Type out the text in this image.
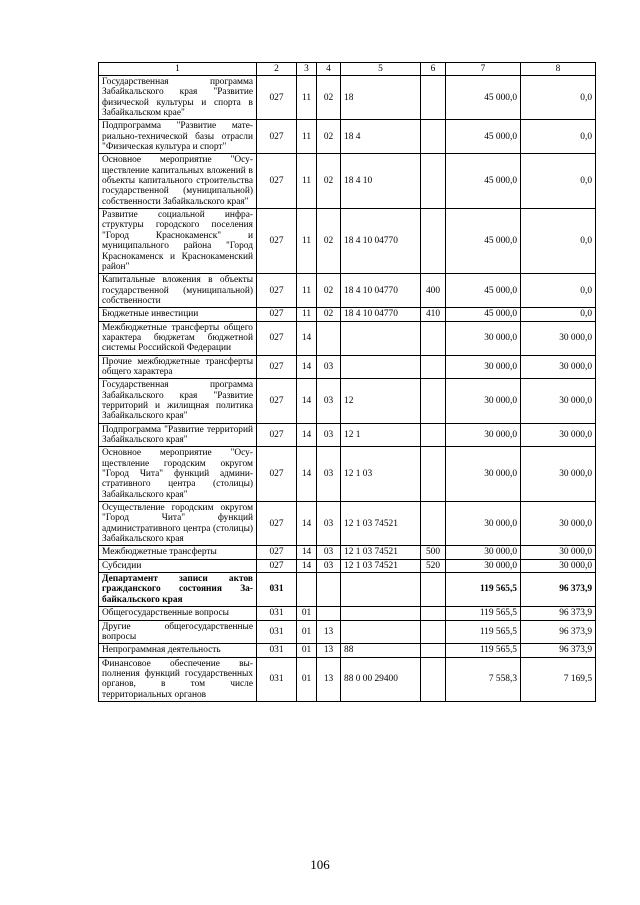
1	2	3	4	5	6	7	8
Государственная программа Забайкальского края "Развитие физической культуры и спорта в Забайкальском крае"	027	11	02	18		45 000,0	0,0
Подпрограмма "Развитие материально-технической базы отрасли "Физическая культура и спорт"	027	11	02	18 4		45 000,0	0,0
Основное мероприятие "Осуществление капитальных вложений в объекты капитального строительства государственной (муниципальной) собственности Забайкальского края"	027	11	02	18 4 10		45 000,0	0,0
Развитие социальной инфраструктуры городского поселения "Город Краснокаменск" и муниципального района "Город Краснокаменск и Краснокаменский район"	027	11	02	18 4 10 04770		45 000,0	0,0
Капитальные вложения в объекты государственной (муниципальной) собственности	027	11	02	18 4 10 04770	400	45 000,0	0,0
Бюджетные инвестиции	027	11	02	18 4 10 04770	410	45 000,0	0,0
Межбюджетные трансферты общего характера бюджетам бюджетной системы Российской Федерации	027	14				30 000,0	30 000,0
Прочие межбюджетные трансферты общего характера	027	14	03			30 000,0	30 000,0
Государственная программа Забайкальского края "Развитие территорий и жилищная политика Забайкальского края"	027	14	03	12		30 000,0	30 000,0
Подпрограмма "Развитие территорий Забайкальского края"	027	14	03	12 1		30 000,0	30 000,0
Основное мероприятие "Осуществление городским округом "Город Чита" функций административного центра (столицы) Забайкальского края"	027	14	03	12 1 03		30 000,0	30 000,0
Осуществление городским округом "Город Чита" функций административного центра (столицы) Забайкальского края	027	14	03	12 1 03 74521		30 000,0	30 000,0
Межбюджетные трансферты	027	14	03	12 1 03 74521	500	30 000,0	30 000,0
Субсидии	027	14	03	12 1 03 74521	520	30 000,0	30 000,0
Департамент записи актов гражданского состояния Забайкальского края	031					119 565,5	96 373,9
Общегосударственные вопросы	031	01				119 565,5	96 373,9
Другие общегосударственные вопросы	031	01	13			119 565,5	96 373,9
Непрограммная деятельность	031	01	13	88		119 565,5	96 373,9
Финансовое обеспечение выполнения функций государственных органов, в том числе территориальных органов	031	01	13	88 0 00 29400		7 558,3	7 169,5
106
